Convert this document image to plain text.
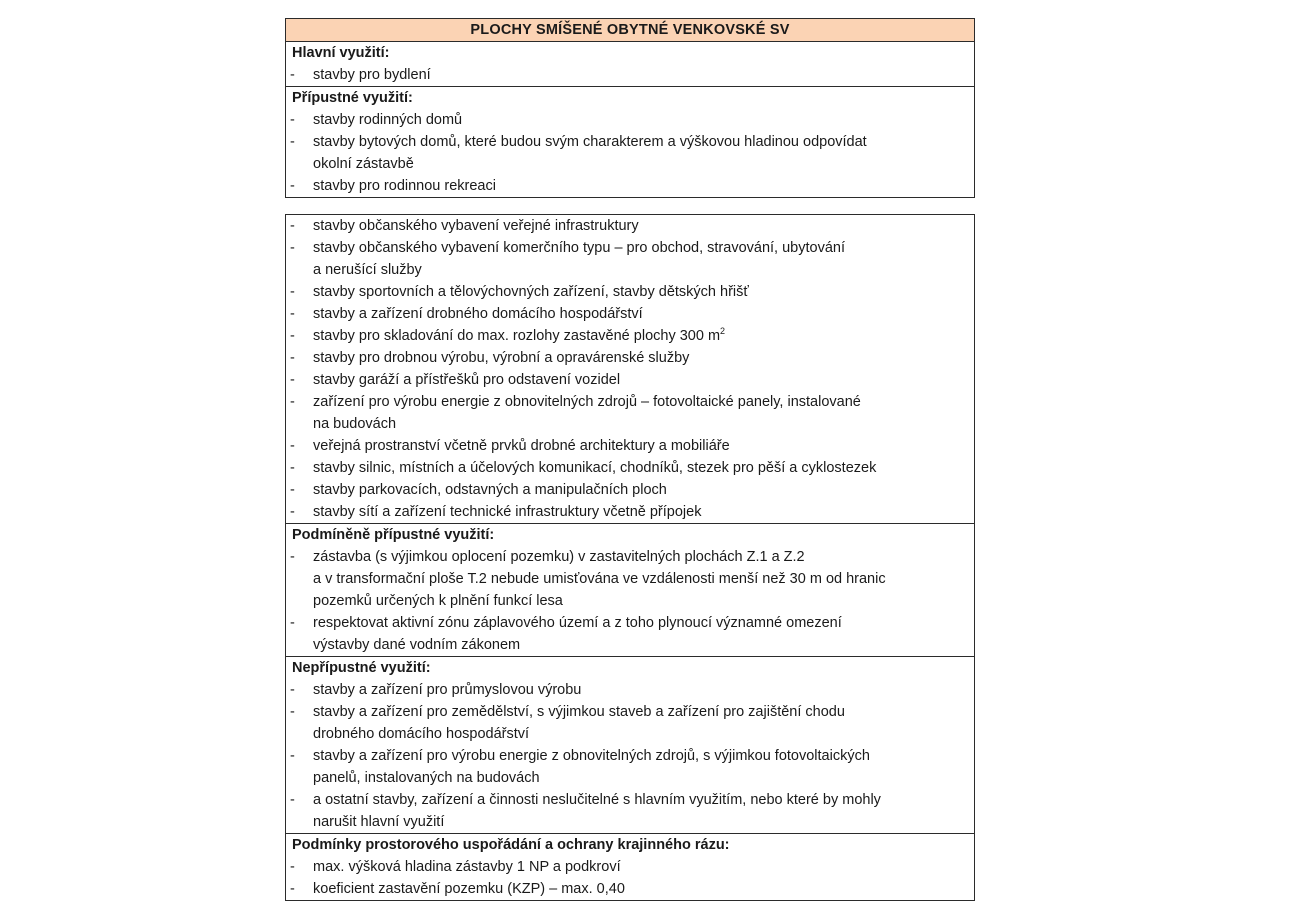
PLOCHY SMÍŠENÉ OBYTNÉ VENKOVSKÉ SV
Hlavní využití:
- stavby pro bydlení
Přípustné využití:
- stavby rodinných domů
- stavby bytových domů, které budou svým charakterem a výškovou hladinou odpovídat
okolní zástavbě
- stavby pro rodinnou rekreaci
- stavby občanského vybavení veřejné infrastruktury
- stavby občanského vybavení komerčního typu – pro obchod, stravování, ubytování
a nerušící služby
- stavby sportovních a tělovýchovných zařízení, stavby dětských hřišť
- stavby a zařízení drobného domácího hospodářství
- stavby pro skladování do max. rozlohy zastavěné plochy 300 $m^2$
- stavby pro drobnou výrobu, výrobní a opravárenské služby
- stavby garáží a přístřešků pro odstavení vozidel
- zařízení pro výrobu energie z obnovitelných zdrojů – fotovoltaické panely, instalované
na budovách
- veřejná prostranství včetně prvků drobné architektury a mobiliáře
- stavby silnic, místních a účelových komunikací, chodníků, stezek pro pěší a cyklostezek
- stavby parkovacích, odstavných a manipulačních ploch
- stavby sítí a zařízení technické infrastruktury včetně přípojek
Podmíněně přípustné využití:
- zástavba (s výjimkou oplocení pozemku) v zastavitelných plochách Z.1 a Z.2
a v transformační ploše T.2 nebude umisťována ve vzdálenosti menší než 30 m od hranic
pozemků určených k plnění funkcí lesa
- respektovat aktivní zónu záplavového území a z toho plynoucí významné omezení
výstavby dané vodním zákonem
Nepřípustné využití:
- stavby a zařízení pro průmyslovou výrobu
- stavby a zařízení pro zemědělství, s výjimkou staveb a zařízení pro zajištění chodu
drobného domácího hospodářství
- stavby a zařízení pro výrobu energie z obnovitelných zdrojů, s výjimkou fotovoltaických
panelů, instalovaných na budovách
- a ostatní stavby, zařízení a činnosti neslučitelné s hlavním využitím, nebo které by mohly
narušit hlavní využití
Podmínky prostorového uspořádání a ochrany krajinného rázu:
- max. výšková hladina zástavby 1 NP a podkroví
- koeficient zastavění pozemku (KZP) – max. 0,40
